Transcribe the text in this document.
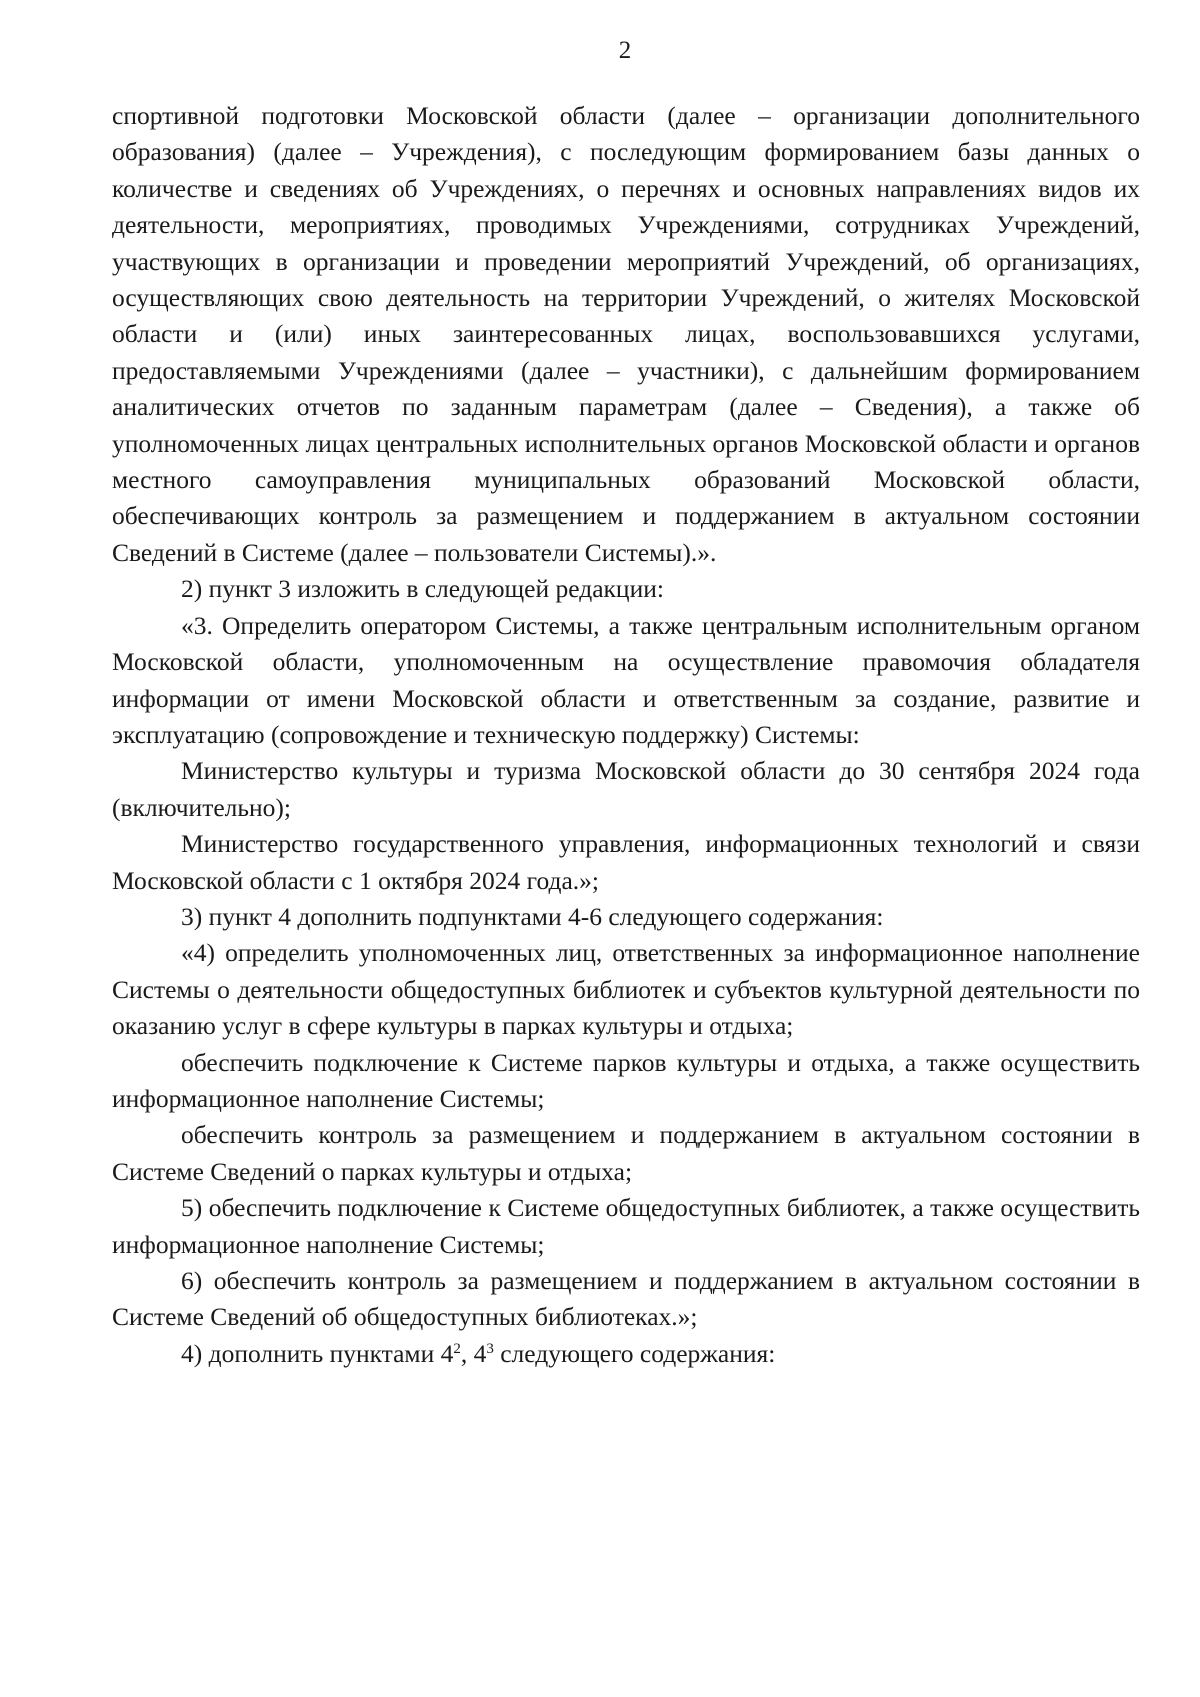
2

спортивной подготовки Московской области (далее – организации дополнительного образования) (далее – Учреждения), с последующим формированием базы данных о количестве и сведениях об Учреждениях, о перечнях и основных направлениях видов их деятельности, мероприятиях, проводимых Учреждениями, сотрудниках Учреждений, участвующих в организации и проведении мероприятий Учреждений, об организациях, осуществляющих свою деятельность на территории Учреждений, о жителях Московской области и (или) иных заинтересованных лицах, воспользовавшихся услугами, предоставляемыми Учреждениями (далее – участники), с дальнейшим формированием аналитических отчетов по заданным параметрам (далее – Сведения), а также об уполномоченных лицах центральных исполнительных органов Московской области и органов местного самоуправления муниципальных образований Московской области, обеспечивающих контроль за размещением и поддержанием в актуальном состоянии Сведений в Системе (далее – пользователи Системы).».

2) пункт 3 изложить в следующей редакции:

«3. Определить оператором Системы, а также центральным исполнительным органом Московской области, уполномоченным на осуществление правомочия обладателя информации от имени Московской области и ответственным за создание, развитие и эксплуатацию (сопровождение и техническую поддержку) Системы:

Министерство культуры и туризма Московской области до 30 сентября 2024 года (включительно);

Министерство государственного управления, информационных технологий и связи Московской области с 1 октября 2024 года.»;

3) пункт 4 дополнить подпунктами 4-6 следующего содержания:

«4) определить уполномоченных лиц, ответственных за информационное наполнение Системы о деятельности общедоступных библиотек и субъектов культурной деятельности по оказанию услуг в сфере культуры в парках культуры и отдыха;

обеспечить подключение к Системе парков культуры и отдыха, а также осуществить информационное наполнение Системы;

обеспечить контроль за размещением и поддержанием в актуальном состоянии в Системе Сведений о парках культуры и отдыха;

5) обеспечить подключение к Системе общедоступных библиотек, а также осуществить информационное наполнение Системы;

6) обеспечить контроль за размещением и поддержанием в актуальном состоянии в Системе Сведений об общедоступных библиотеках.»;

4) дополнить пунктами $4^2$, $4^3$ следующего содержания:
